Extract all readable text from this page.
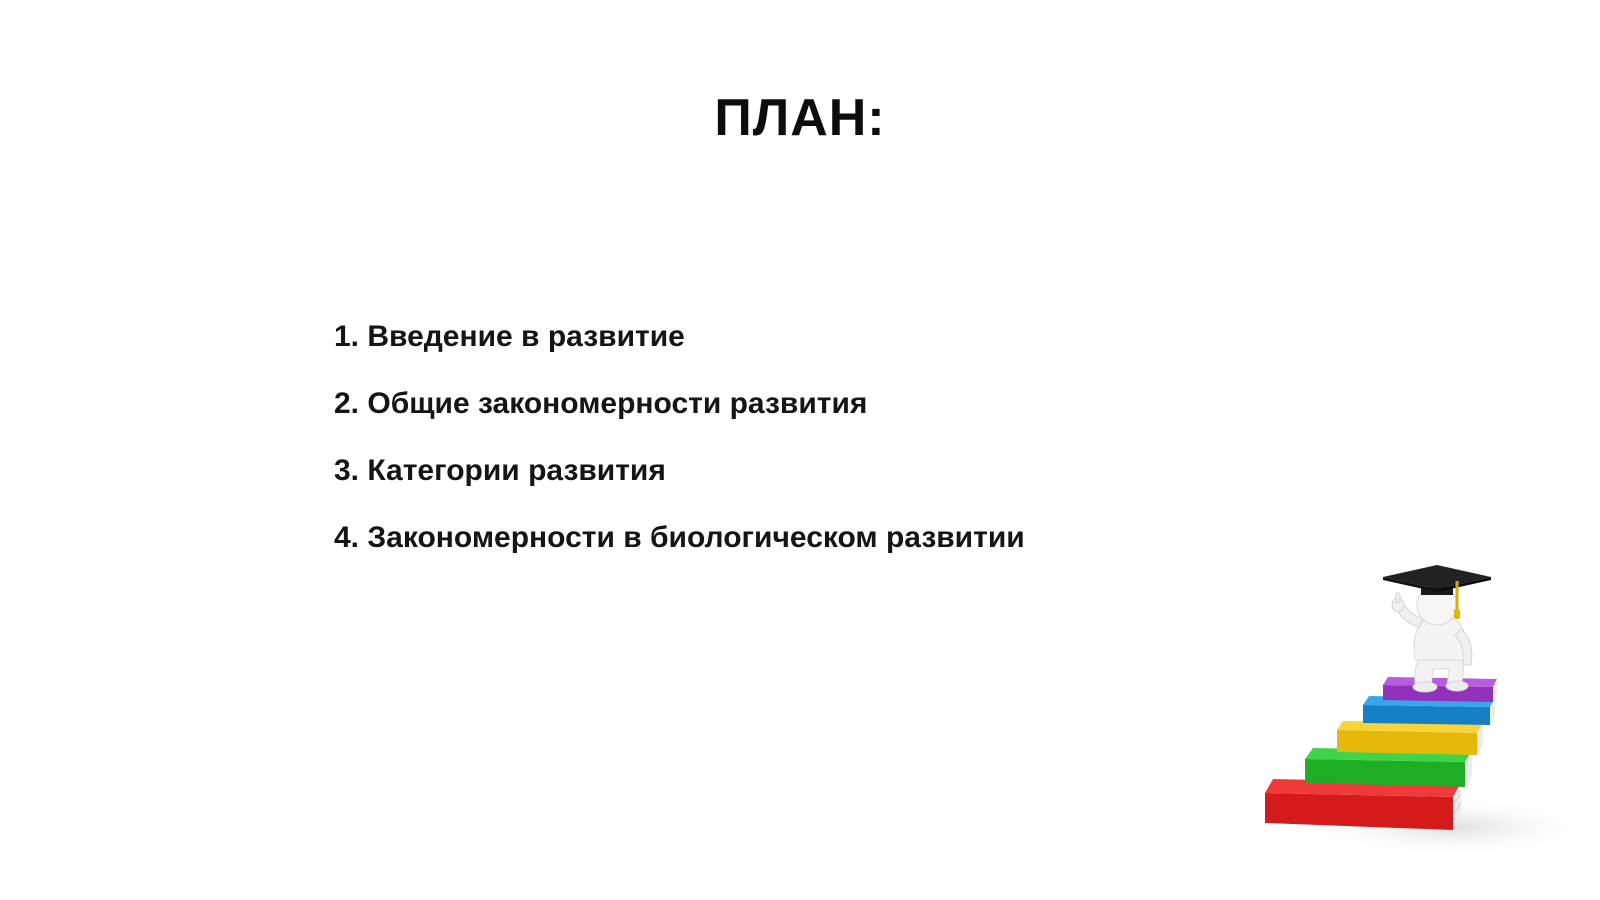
ПЛАН:
1. Введение в развитие
2. Общие закономерности развития
3. Категории развития
4. Закономерности в биологическом развитии
